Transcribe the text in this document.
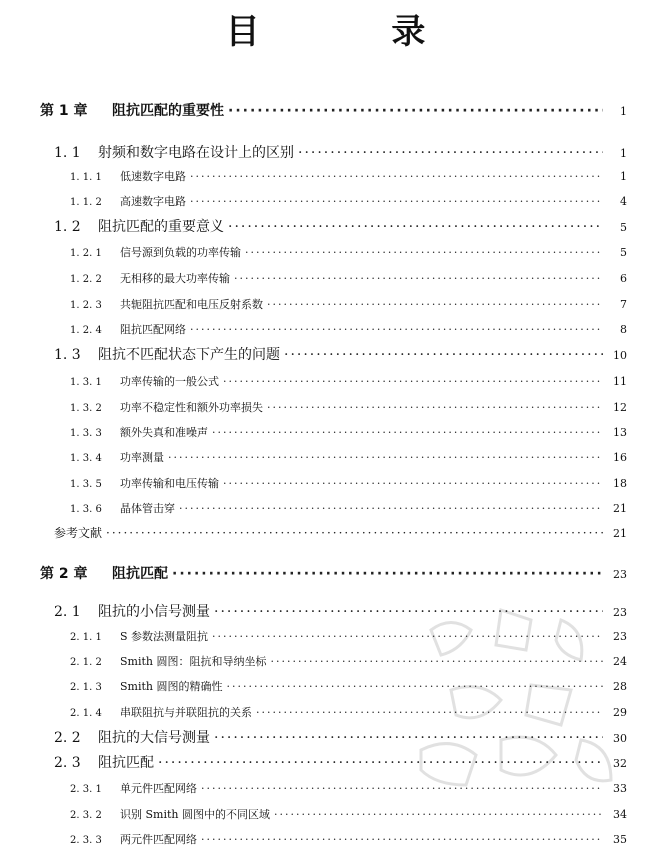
目 录
第 1 章	阻抗匹配的重要性 ·····	1
1. 1	射频和数字电路在设计上的区别 ·····	1
1. 1. 1	低速数字电路 ·····	1
1. 1. 2	高速数字电路 ·····	4
1. 2	阻抗匹配的重要意义 ·····	5
1. 2. 1	信号源到负载的功率传输 ·····	5
1. 2. 2	无相移的最大功率传输 ·····	6
1. 2. 3	共轭阻抗匹配和电压反射系数 ·····	7
1. 2. 4	阻抗匹配网络 ·····	8
1. 3	阻抗不匹配状态下产生的问题 ·····	10
1. 3. 1	功率传输的一般公式 ·····	11
1. 3. 2	功率不稳定性和额外功率损失 ·····	12
1. 3. 3	额外失真和准噪声 ·····	13
1. 3. 4	功率测量 ·····	16
1. 3. 5	功率传输和电压传输 ·····	18
1. 3. 6	晶体管击穿 ·····	21
参考文献 ·····	21
第 2 章	阻抗匹配 ·····	23
2. 1	阻抗的小信号测量 ·····	23
2. 1. 1	S 参数法测量阻抗 ·····	23
2. 1. 2	Smith 圆图：阻抗和导纳坐标 ·····	24
2. 1. 3	Smith 圆图的精确性 ·····	28
2. 1. 4	串联阻抗与并联阻抗的关系 ·····	29
2. 2	阻抗的大信号测量 ·····	30
2. 3	阻抗匹配 ·····	32
2. 3. 1	单元件匹配网络 ·····	33
2. 3. 2	识别 Smith 圆图中的不同区域 ·····	34
2. 3. 3	两元件匹配网络 ·····	35
